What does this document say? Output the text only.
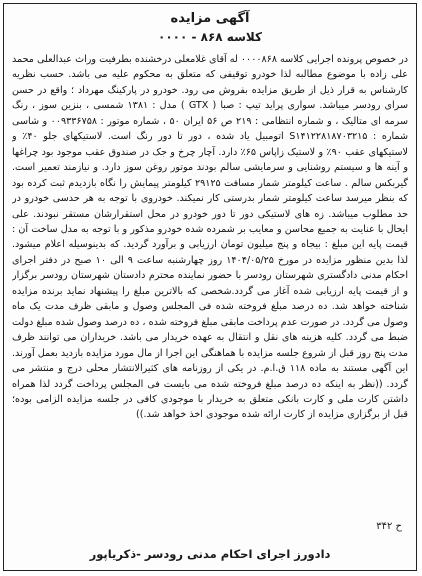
آگهی مزایده
کلاسه ۸۶۸ - ۰۰۰۰
در خصوص پرونده اجرایی کلاسه ۰۰۰۰۸۶۸ له آقای غلامعلی درخشنده بطرفیت وراث عبدالعلی محمد علی زاده با موضوع مطالبه لذا خودرو توقیفی که متعلق به محکوم علیه می باشد. حسب نظریه کارشناس به قرار ذیل از طریق مزایده بفروش می رود. خودرو در پارکینگ مهرداد ؛ واقع در حسن سرای رودسر میباشد. سواری پراید تیپ : صبا ( GTX ) مدل : ۱۳۸۱ شمسی ، بنزین سوز ، رنگ سرمه ای متالیک ، و شماره انتظامی : ۲۱۹ ص ۵۶ ایران ۵۰ ، شماره موتور : ۰۰۹۳۳۶۷۵۸ و شاسی شماره : S۱۴۱۲۲۸۱۸۷۰۳۲۱۵ اتومبیل یاد شده ، دور تا دور رنگ است. لاستیکهای جلو ۴۰٪ و لاستیکهای عقب ۹۰٪ و لاستیک زاپاس ۶۵٪ دارد. آچار چرخ و جک در صندوق عقب موجود بود چراغها و آینه ها و سیستم روشنایی و سرمایشی سالم بودند موتور روغن سوز دارد. و نیازمند تعمیر است. گیربکس سالم . ساعت کیلومتر شمار مسافت ۲۹۱۲۵ کیلومتر پیمایش را نگاه بازدیدم ثبت کرده بود که بنظر میرسد ساعت کیلومتر شمار بدرستی کار نمیکند. خودروی با توجه به هر حدسی خودرو در حد مطلوب میباشد. زه های لاستیکی دور تا دور خودرو در محل استقرارشان مستقر نبودند. علی ایحال با عنایت به جمیع محاسن و معایب بر شمرده شده خودرو مذکور و با توجه به مدل ساخت آن : قیمت پایه این مبلغ : بیجاه و پنج میلیون تومان ارزیابی و برآورد گردید. که بدینوسیله اعلام میشود. لذا بدین منظور مزایده در مورخ ۱۴۰۴/۰۵/۲۵ روز چهارشنبه ساعت ۹ الی ۱۰ صبح در دفتر اجرای احکام مدنی دادگستری شهرستان رودسر با حضور نماینده محترم دادستان شهرستان رودسر برگزار و از قیمت پایه ارزیابی شده آغاز می گردد.شخصی که بالاترین مبلغ را پیشنهاد نماید برنده مزایده شناخته خواهد شد. ده درصد مبلغ فروخته شده فی المجلس وصول و مابقی ظرف مدت یک ماه وصول می گردد. در صورت عدم پرداخت مابقی مبلغ فروخته شده ، ده درصد وصول شده مبلغ دولت ضبط می گردد. کلیه هزینه های نقل و انتقال به عهده خریدار می باشد. خریداران می توانند ظرف مدت پنج روز قبل از شروع جلسه مزایده با هماهنگی این اجرا از مال مورد مزایده بازدید بعمل آورند. این آگهی مستند به ماده ۱۱۸ ق.ا.م. در یکی از روزنامه های کثیرالانتشار محلی درج و منتشر می گردد. ((نظر به اینکه ده درصد مبلغ فروخته شده می بایست فی المجلس پرداخت گردد لذا همراه داشتن کارت ملی و کارت بانکی متعلق به خریدار با موجودی کافی در جلسه مزایده الزامی بوده؛ قبل از برگزاری مزایده از کارت ارائه شده موجودی اخذ خواهد شد.))
ح ۳۴۲
دادورز اجرای احکام مدنی رودسر -ذکریاپور
